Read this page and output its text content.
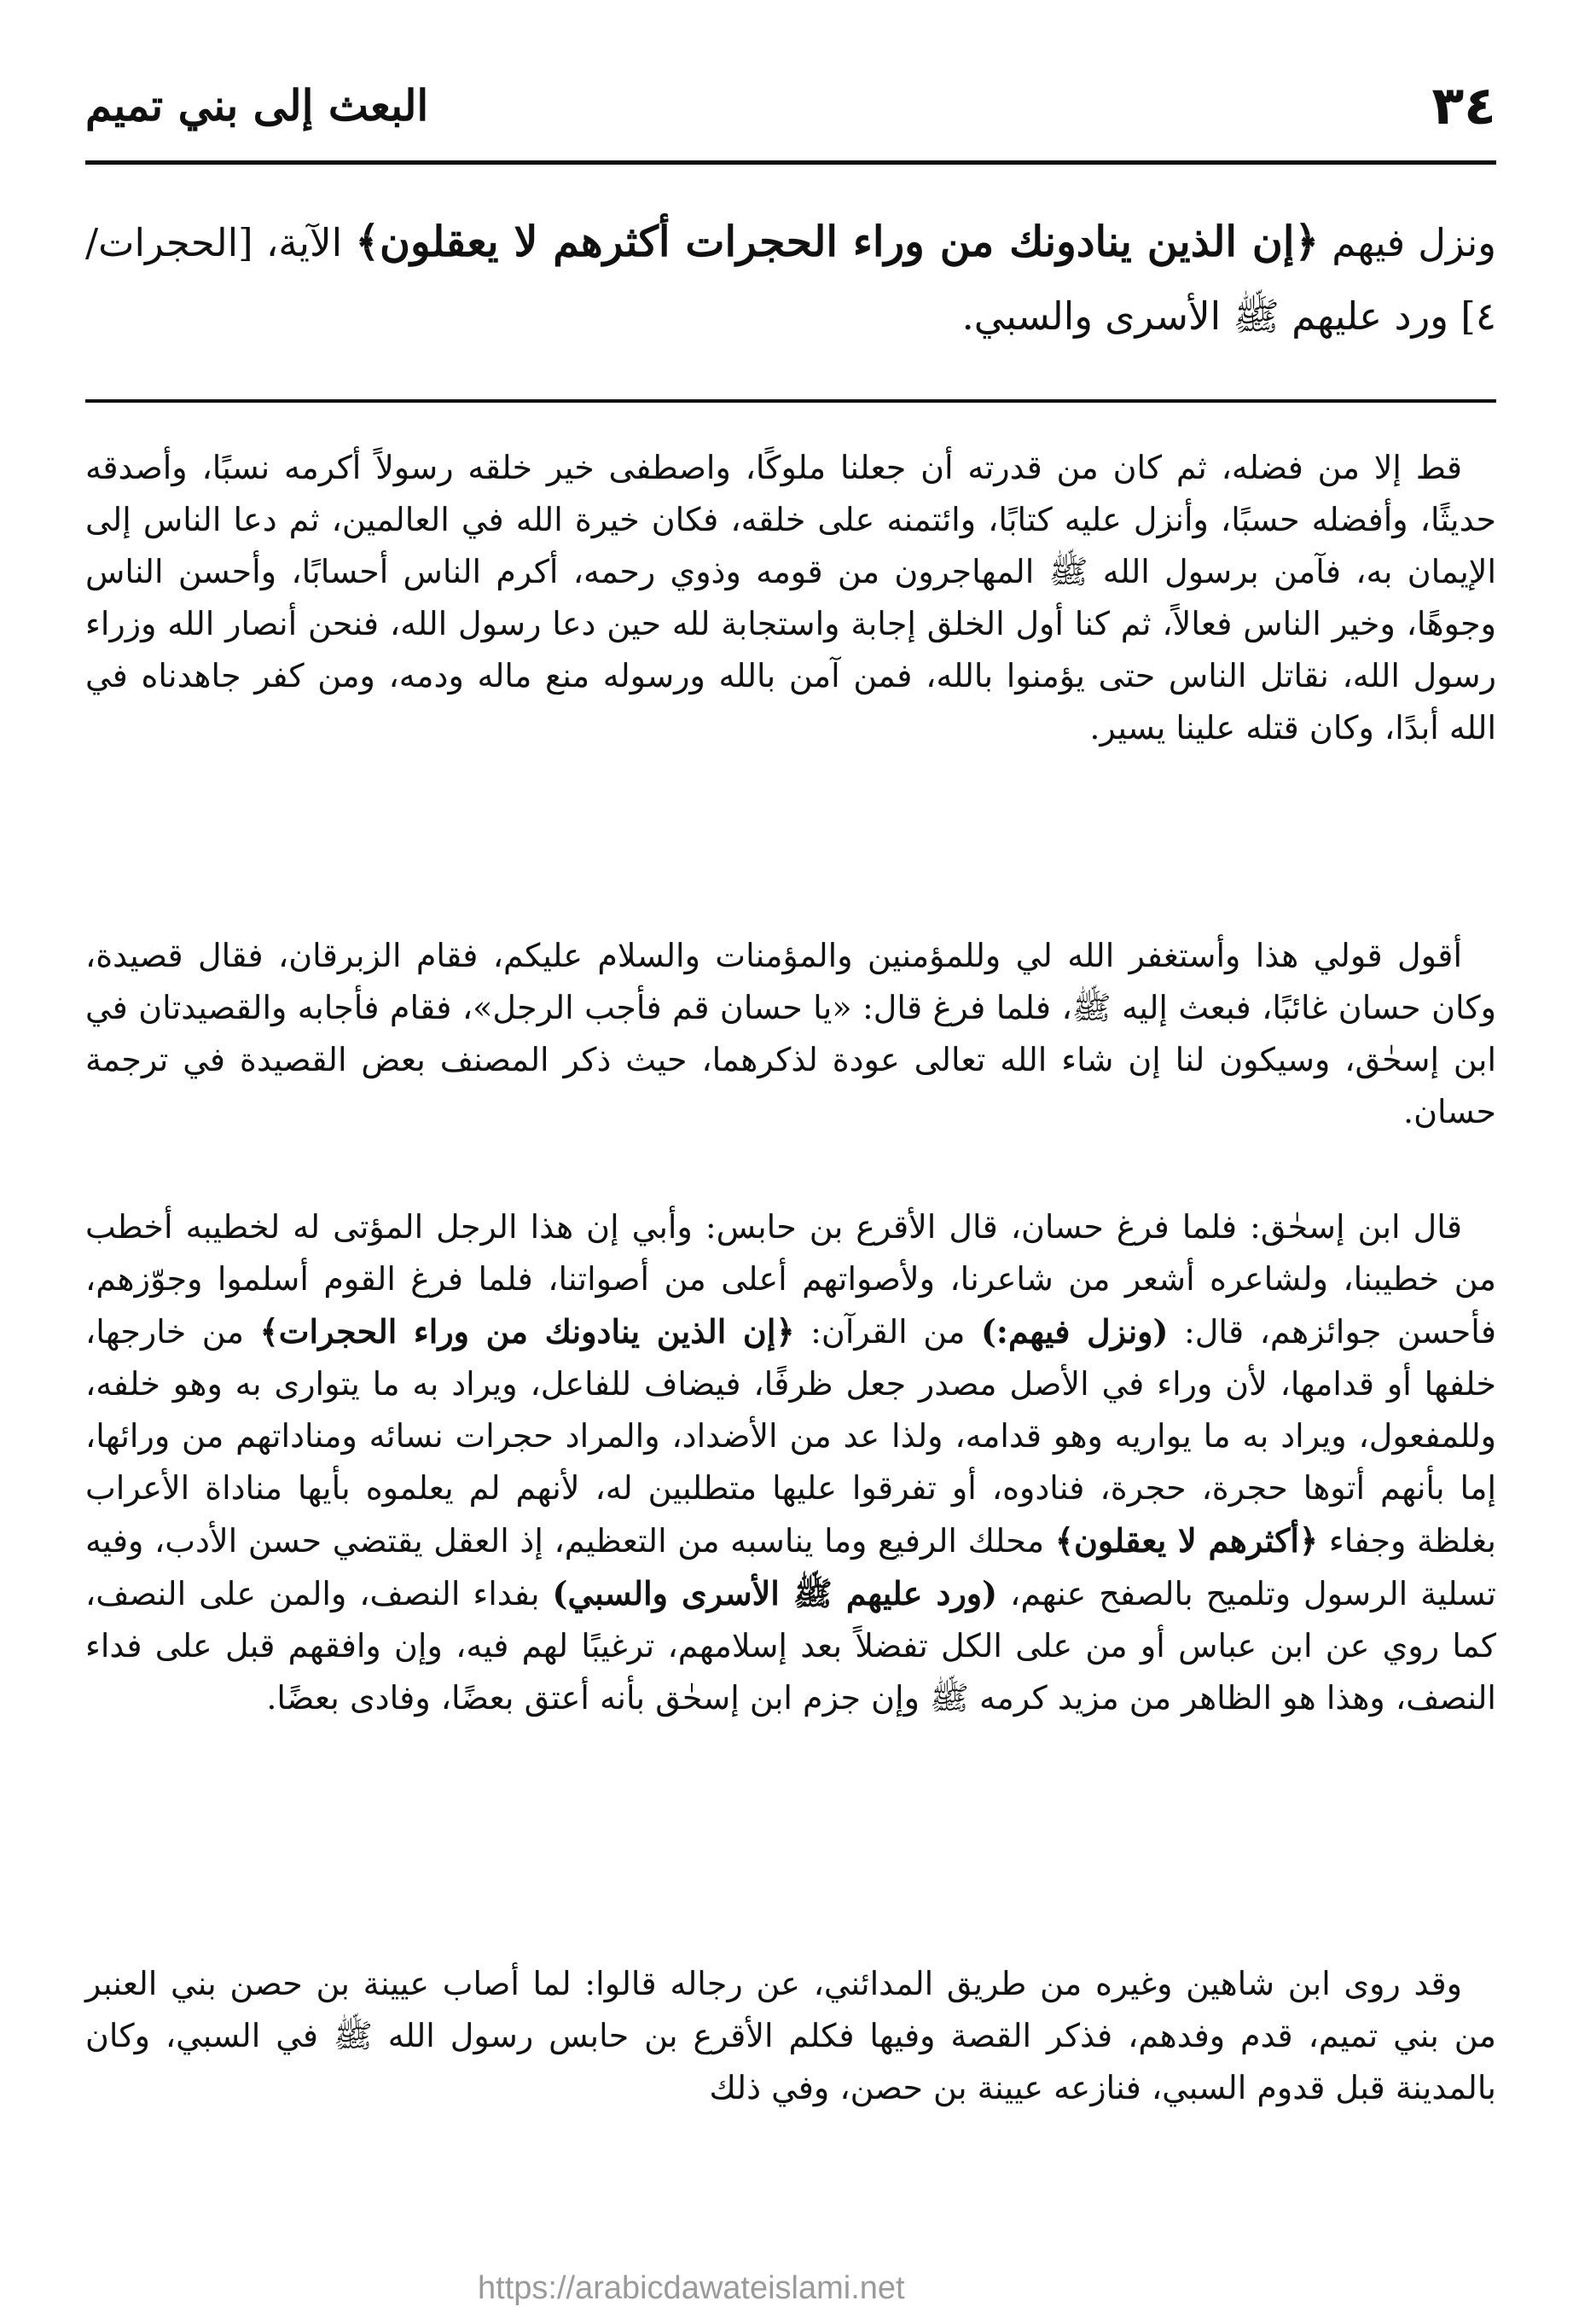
٣٤
البعث إلى بني تميم
ونزل فيهم ﴿إن الذين ينادونك من وراء الحجرات أكثرهم لا يعقلون﴾ الآية، [الحجرات/٤] ورد عليهم ﷺ الأسرى والسبي.

قط إلا من فضله، ثم كان من قدرته أن جعلنا ملوكًا، واصطفى خير خلقه رسولاً أكرمه نسبًا، وأصدقه حديثًا، وأفضله حسبًا، وأنزل عليه كتابًا، وائتمنه على خلقه، فكان خيرة الله في العالمين، ثم دعا الناس إلى الإيمان به، فآمن برسول الله ﷺ المهاجرون من قومه وذوي رحمه، أكرم الناس أحسابًا، وأحسن الناس وجوهًا، وخير الناس فعالاً، ثم كنا أول الخلق إجابة واستجابة لله حين دعا رسول الله، فنحن أنصار الله وزراء رسول الله، نقاتل الناس حتى يؤمنوا بالله، فمن آمن بالله ورسوله منع ماله ودمه، ومن كفر جاهدناه في الله أبدًا، وكان قتله علينا يسير.

أقول قولي هذا وأستغفر الله لي وللمؤمنين والمؤمنات والسلام عليكم، فقام الزبرقان، فقال قصيدة، وكان حسان غائبًا، فبعث إليه ﷺ، فلما فرغ قال: «يا حسان قم فأجب الرجل»، فقام فأجابه والقصيدتان في ابن إسحٰق، وسيكون لنا إن شاء الله تعالى عودة لذكرهما، حيث ذكر المصنف بعض القصيدة في ترجمة حسان.

قال ابن إسحٰق: فلما فرغ حسان، قال الأقرع بن حابس: وأبي إن هذا الرجل المؤتى له لخطيبه أخطب من خطيبنا، ولشاعره أشعر من شاعرنا، ولأصواتهم أعلى من أصواتنا، فلما فرغ القوم أسلموا وجوّزهم، فأحسن جوائزهم، قال: (ونزل فيهم:) من القرآن: ﴿إن الذين ينادونك من وراء الحجرات﴾ من خارجها، خلفها أو قدامها، لأن وراء في الأصل مصدر جعل ظرفًا، فيضاف للفاعل، ويراد به ما يتوارى به وهو خلفه، وللمفعول، ويراد به ما يواريه وهو قدامه، ولذا عد من الأضداد، والمراد حجرات نسائه ومناداتهم من ورائها، إما بأنهم أتوها حجرة، حجرة، فنادوه، أو تفرقوا عليها متطلبين له، لأنهم لم يعلموه بأيها مناداة الأعراب بغلظة وجفاء ﴿أكثرهم لا يعقلون﴾ محلك الرفيع وما يناسبه من التعظيم، إذ العقل يقتضي حسن الأدب، وفيه تسلية الرسول وتلميح بالصفح عنهم، (ورد عليهم ﷺ الأسرى والسبي) بفداء النصف، والمن على النصف، كما روي عن ابن عباس أو من على الكل تفضلاً بعد إسلامهم، ترغيبًا لهم فيه، وإن وافقهم قبل على فداء النصف، وهذا هو الظاهر من مزيد كرمه ﷺ وإن جزم ابن إسحٰق بأنه أعتق بعضًا، وفادى بعضًا.

وقد روى ابن شاهين وغيره من طريق المدائني، عن رجاله قالوا: لما أصاب عيينة بن حصن بني العنبر من بني تميم، قدم وفدهم، فذكر القصة وفيها فكلم الأقرع بن حابس رسول الله ﷺ في السبي، وكان بالمدينة قبل قدوم السبي، فنازعه عيينة بن حصن، وفي ذلك

https://arabicdawateislami.net
